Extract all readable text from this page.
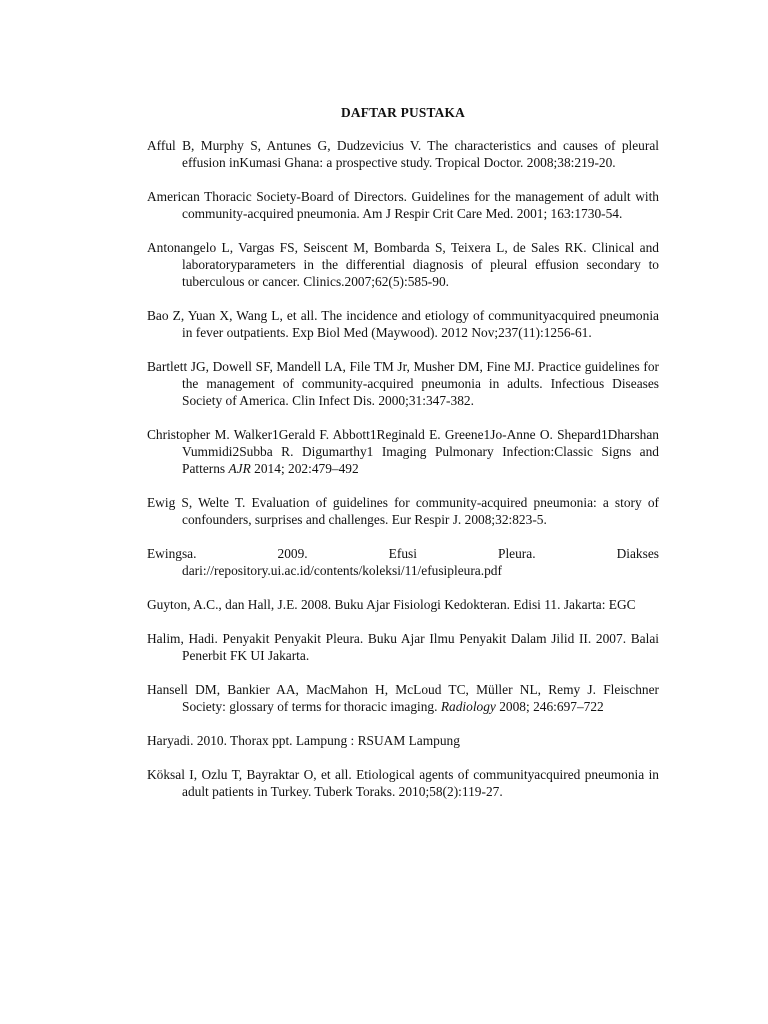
DAFTAR PUSTAKA
Afful B, Murphy S, Antunes G, Dudzevicius V. The characteristics and causes of pleural effusion inKumasi Ghana: a prospective study. Tropical Doctor. 2008;38:219-20.
American Thoracic Society-Board of Directors. Guidelines for the management of adult with community-acquired pneumonia. Am J Respir Crit Care Med. 2001; 163:1730-54.
Antonangelo L, Vargas FS, Seiscent M, Bombarda S, Teixera L, de Sales RK. Clinical and laboratoryparameters in the differential diagnosis of pleural effusion secondary to tuberculous or cancer. Clinics.2007;62(5):585-90.
Bao Z, Yuan X, Wang L, et all. The incidence and etiology of communityacquired pneumonia in fever outpatients. Exp Biol Med (Maywood). 2012 Nov;237(11):1256-61.
Bartlett JG, Dowell SF, Mandell LA, File TM Jr, Musher DM, Fine MJ. Practice guidelines for the management of community-acquired pneumonia in adults. Infectious Diseases Society of America. Clin Infect Dis. 2000;31:347-382.
Christopher M. Walker1Gerald F. Abbott1Reginald E. Greene1Jo-Anne O. Shepard1Dharshan Vummidi2Subba R. Digumarthy1 Imaging Pulmonary Infection:Classic Signs and Patterns AJR 2014; 202:479–492
Ewig S, Welte T. Evaluation of guidelines for community-acquired pneumonia: a story of confounders, surprises and challenges. Eur Respir J. 2008;32:823-5.
Ewingsa. 2009. Efusi Pleura. Diakses dari://repository.ui.ac.id/contents/koleksi/11/efusipleura.pdf
Guyton, A.C., dan Hall, J.E. 2008. Buku Ajar Fisiologi Kedokteran. Edisi 11. Jakarta: EGC
Halim, Hadi. Penyakit Penyakit Pleura. Buku Ajar Ilmu Penyakit Dalam Jilid II. 2007. Balai Penerbit FK UI Jakarta.
Hansell DM, Bankier AA, MacMahon H, McLoud TC, Müller NL, Remy J. Fleischner Society: glossary of terms for thoracic imaging. Radiology 2008; 246:697–722
Haryadi. 2010. Thorax ppt. Lampung : RSUAM Lampung
Köksal I, Ozlu T, Bayraktar O, et all. Etiological agents of communityacquired pneumonia in adult patients in Turkey. Tuberk Toraks. 2010;58(2):119-27.
